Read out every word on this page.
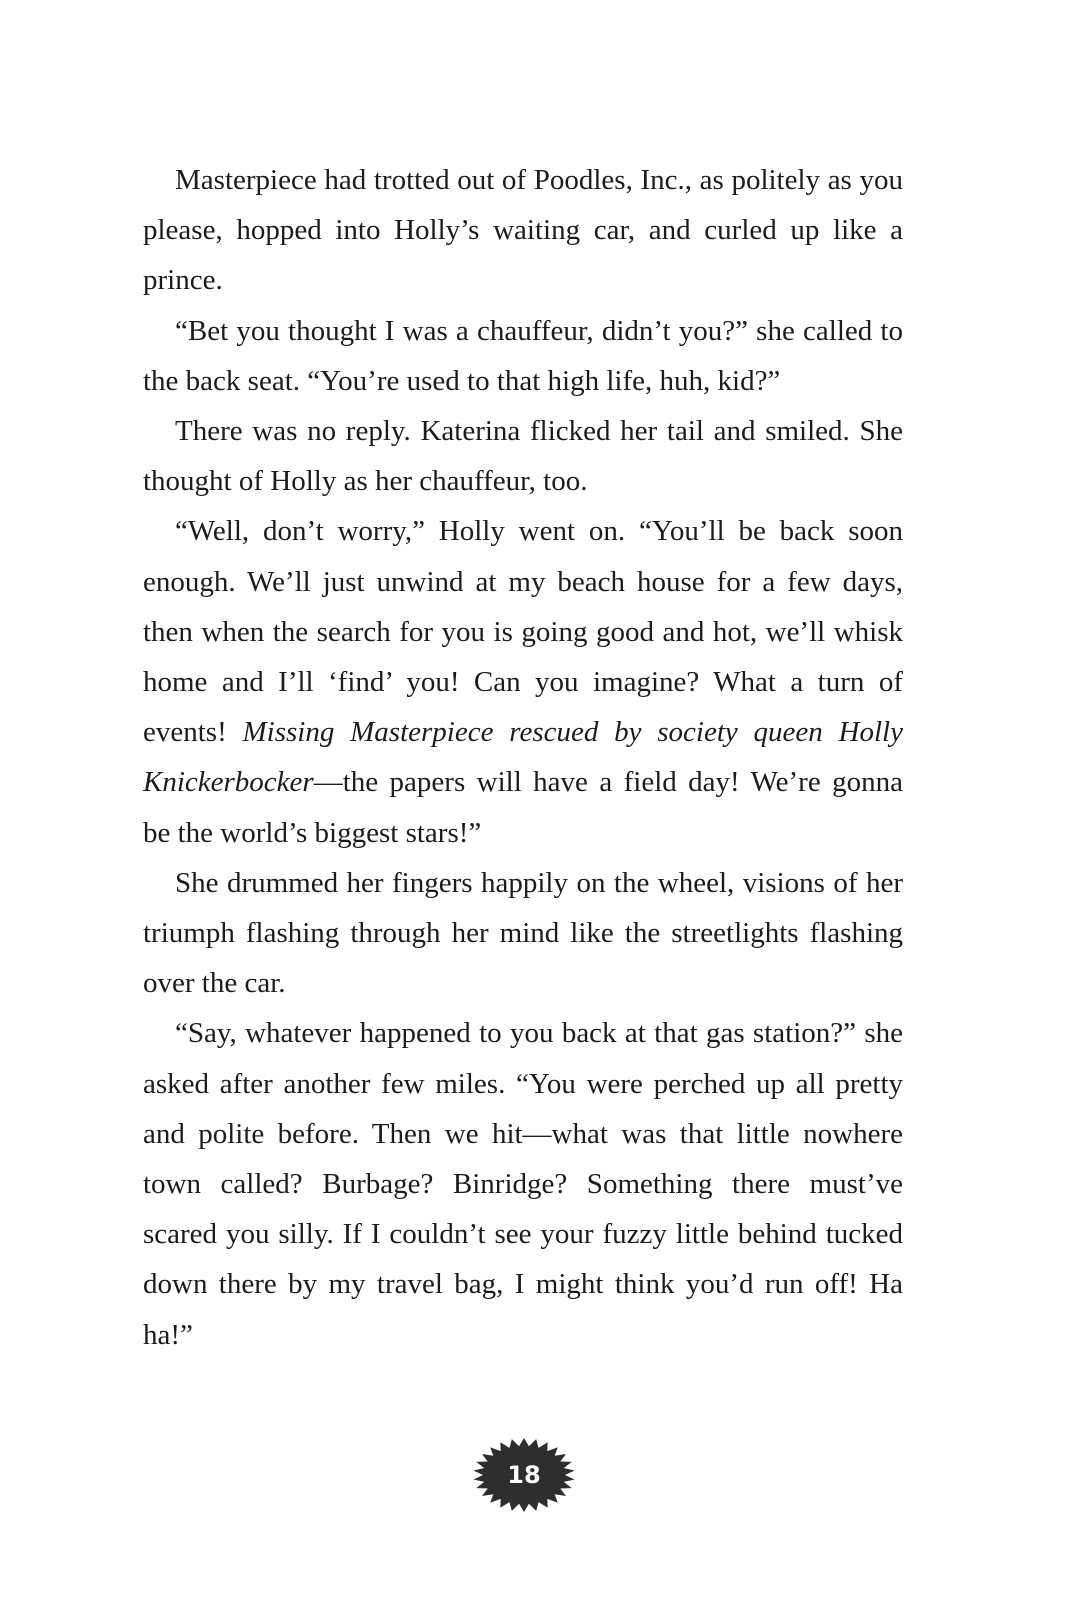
Masterpiece had trotted out of Poodles, Inc., as politely as you please, hopped into Holly’s waiting car, and curled up like a prince.

“Bet you thought I was a chauffeur, didn’t you?” she called to the back seat. “You’re used to that high life, huh, kid?”

There was no reply. Katerina flicked her tail and smiled. She thought of Holly as her chauffeur, too.

“Well, don’t worry,” Holly went on. “You’ll be back soon enough. We’ll just unwind at my beach house for a few days, then when the search for you is going good and hot, we’ll whisk home and I’ll ‘find’ you! Can you imagine? What a turn of events! Missing Masterpiece rescued by society queen Holly Knickerbocker—the papers will have a field day! We’re gonna be the world’s biggest stars!”

She drummed her fingers happily on the wheel, visions of her triumph flashing through her mind like the streetlights flashing over the car.

“Say, whatever happened to you back at that gas station?” she asked after another few miles. “You were perched up all pretty and polite before. Then we hit—what was that little nowhere town called? Burbage? Binridge? Something there must’ve scared you silly. If I couldn’t see your fuzzy little behind tucked down there by my travel bag, I might think you’d run off! Ha ha!”

18
